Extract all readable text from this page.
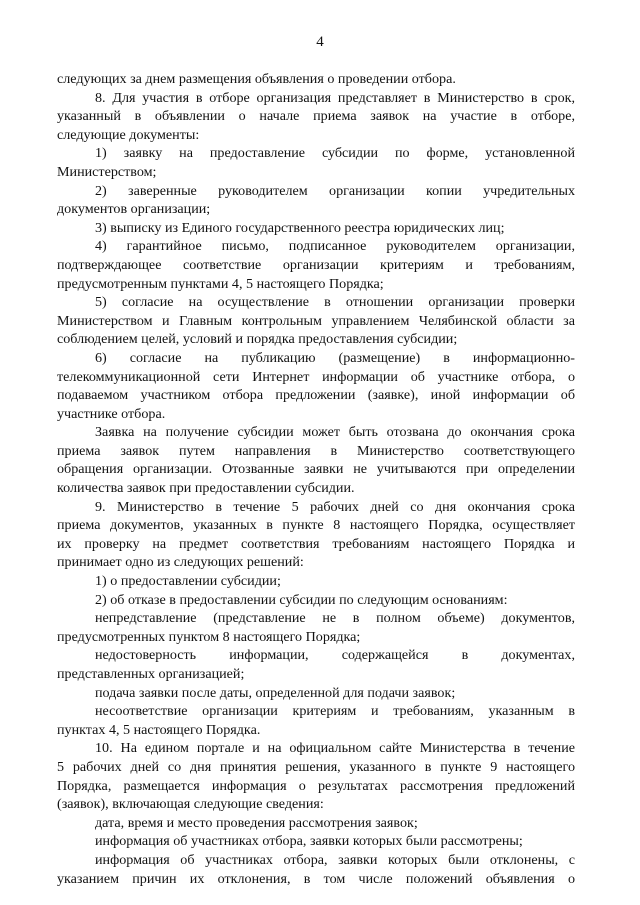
4
следующих за днем размещения объявления о проведении отбора.
8. Для участия в отборе организация представляет в Министерство в срок,
указанный в объявлении о начале приема заявок на участие в отборе,
следующие документы:
1) заявку на предоставление субсидии по форме, установленной
Министерством;
2) заверенные руководителем организации копии учредительных
документов организации;
3) выписку из Единого государственного реестра юридических лиц;
4) гарантийное письмо, подписанное руководителем организации,
подтверждающее соответствие организации критериям и требованиям,
предусмотренным пунктами 4, 5 настоящего Порядка;
5) согласие на осуществление в отношении организации проверки
Министерством и Главным контрольным управлением Челябинской области за
соблюдением целей, условий и порядка предоставления субсидии;
6) согласие на публикацию (размещение) в информационно-
телекоммуникационной сети Интернет информации об участнике отбора, о
подаваемом участником отбора предложении (заявке), иной информации об
участнике отбора.
Заявка на получение субсидии может быть отозвана до окончания срока
приема заявок путем направления в Министерство соответствующего
обращения организации. Отозванные заявки не учитываются при определении
количества заявок при предоставлении субсидии.
9. Министерство в течение 5 рабочих дней со дня окончания срока
приема документов, указанных в пункте 8 настоящего Порядка, осуществляет
их проверку на предмет соответствия требованиям настоящего Порядка и
принимает одно из следующих решений:
1) о предоставлении субсидии;
2) об отказе в предоставлении субсидии по следующим основаниям:
непредставление (представление не в полном объеме) документов,
предусмотренных пунктом 8 настоящего Порядка;
недостоверность информации, содержащейся в документах,
представленных организацией;
подача заявки после даты, определенной для подачи заявок;
несоответствие организации критериям и требованиям, указанным в
пунктах 4, 5 настоящего Порядка.
10. На едином портале и на официальном сайте Министерства в течение
5 рабочих дней со дня принятия решения, указанного в пункте 9 настоящего
Порядка, размещается информация о результатах рассмотрения предложений
(заявок), включающая следующие сведения:
дата, время и место проведения рассмотрения заявок;
информация об участниках отбора, заявки которых были рассмотрены;
информация об участниках отбора, заявки которых были отклонены, с
указанием причин их отклонения, в том числе положений объявления о
